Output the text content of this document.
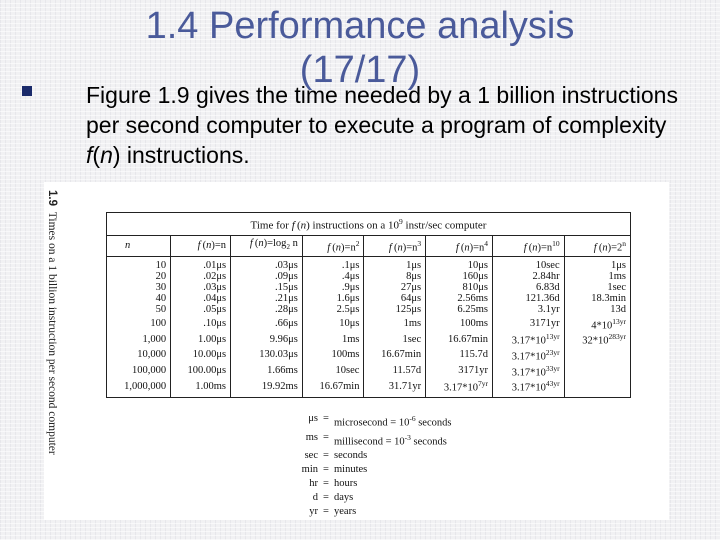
1.4 Performance analysis
(17/17)
Figure 1.9 gives the time needed by a 1 billion instructions per second computer to execute a program of complexity f(n) instructions.
1.9  Times on a 1 billion instruction per second computer	Time for f (n) instructions on a $10^9$ instr/sec computer							
n	f (n)=n	f $(n)=\log_2$ n	f $(n)=n^2$	f $(n)=n^3$	f $(n)=n^4$	f $(n)=n^{10}$	f $(n)=2^n$
10	.01μs	.03μs	.1μs	1μs	10μs	10sec	1μs
20	.02μs	.09μs	.4μs	8μs	160μs	2.84hr	1ms
30	.03μs	.15μs	.9μs	27μs	810μs	6.83d	1sec
40	.04μs	.21μs	1.6μs	64μs	2.56ms	121.36d	18.3min
50	.05μs	.28μs	2.5μs	125μs	6.25ms	3.1yr	13d
100	.10μs	.66μs	10μs	1ms	100ms	3171yr	$4*10^{13yr}$
1,000	1.00μs	9.96μs	1ms	1sec	16.67min	$3.17*10^{13yr}$	$32*10^{283yr}$
10,000	10.00μs	130.03μs	100ms	16.67min	115.7d	$3.17*10^{23yr}$	
100,000	100.00μs	1.66ms	10sec	11.57d	3171yr	$3.17*10^{33yr}$	
1,000,000	1.00ms	19.92ms	16.67min	31.71yr	$3.17*10^{7yr}$	$3.17*10^{43yr}$	
μs = microsecond = $10^{-6}$ seconds
ms = millisecond = $10^{-3}$ seconds
sec = seconds
min = minutes
hr = hours
d = days
yr = years
